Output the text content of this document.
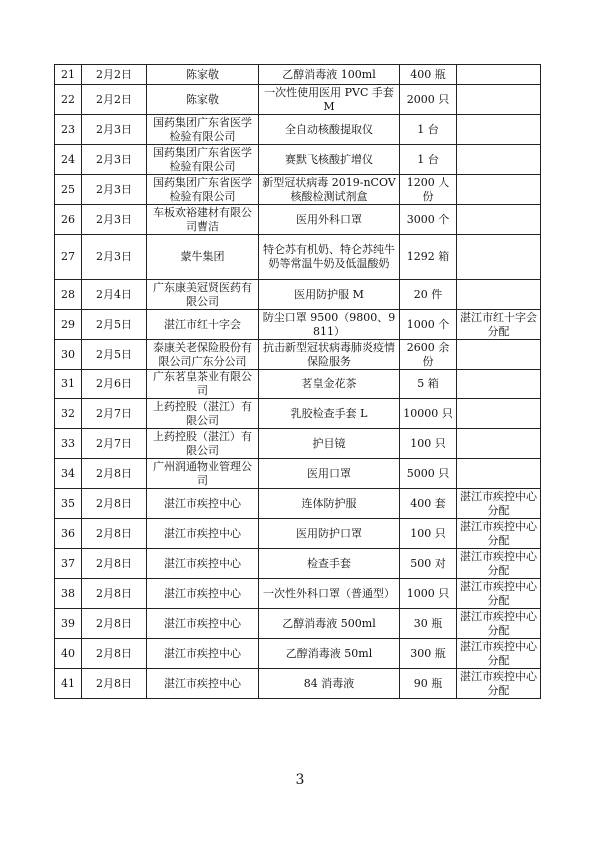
21	2月2日	陈家敬	乙醇消毒液 100ml	400 瓶	
22	2月2日	陈家敬	一次性使用医用 PVC 手套 M	2000 只	
23	2月3日	国药集团广东省医学检验有限公司	全自动核酸提取仪	1 台	
24	2月3日	国药集团广东省医学检验有限公司	赛默飞核酸扩增仪	1 台	
25	2月3日	国药集团广东省医学检验有限公司	新型冠状病毒 2019-nCOV 核酸检测试剂盒	1200 人份	
26	2月3日	车板欢裕建材有限公司曹洁	医用外科口罩	3000 个	
27	2月3日	蒙牛集团	特仑苏有机奶、特仑苏纯牛奶等常温牛奶及低温酸奶	1292 箱	
28	2月4日	广东康美冠贤医药有限公司	医用防护服 M	20 件	
29	2月5日	湛江市红十字会	防尘口罩 9500（9800、9811）	1000 个	湛江市红十字会分配
30	2月5日	泰康关老保险股份有限公司广东分公司	抗击新型冠状病毒肺炎疫情保险服务	2600 余份	
31	2月6日	广东茗皇茶业有限公司	茗皇金花茶	5 箱	
32	2月7日	上药控股（湛江）有限公司	乳胶检查手套 L	10000 只	
33	2月7日	上药控股（湛江）有限公司	护目镜	100 只	
34	2月8日	广州润通物业管理公司	医用口罩	5000 只	
35	2月8日	湛江市疾控中心	连体防护服	400 套	湛江市疾控中心分配
36	2月8日	湛江市疾控中心	医用防护口罩	100 只	湛江市疾控中心分配
37	2月8日	湛江市疾控中心	检查手套	500 对	湛江市疾控中心分配
38	2月8日	湛江市疾控中心	一次性外科口罩（普通型）	1000 只	湛江市疾控中心分配
39	2月8日	湛江市疾控中心	乙醇消毒液 500ml	30 瓶	湛江市疾控中心分配
40	2月8日	湛江市疾控中心	乙醇消毒液 50ml	300 瓶	湛江市疾控中心分配
41	2月8日	湛江市疾控中心	84 消毒液	90 瓶	湛江市疾控中心分配
3
